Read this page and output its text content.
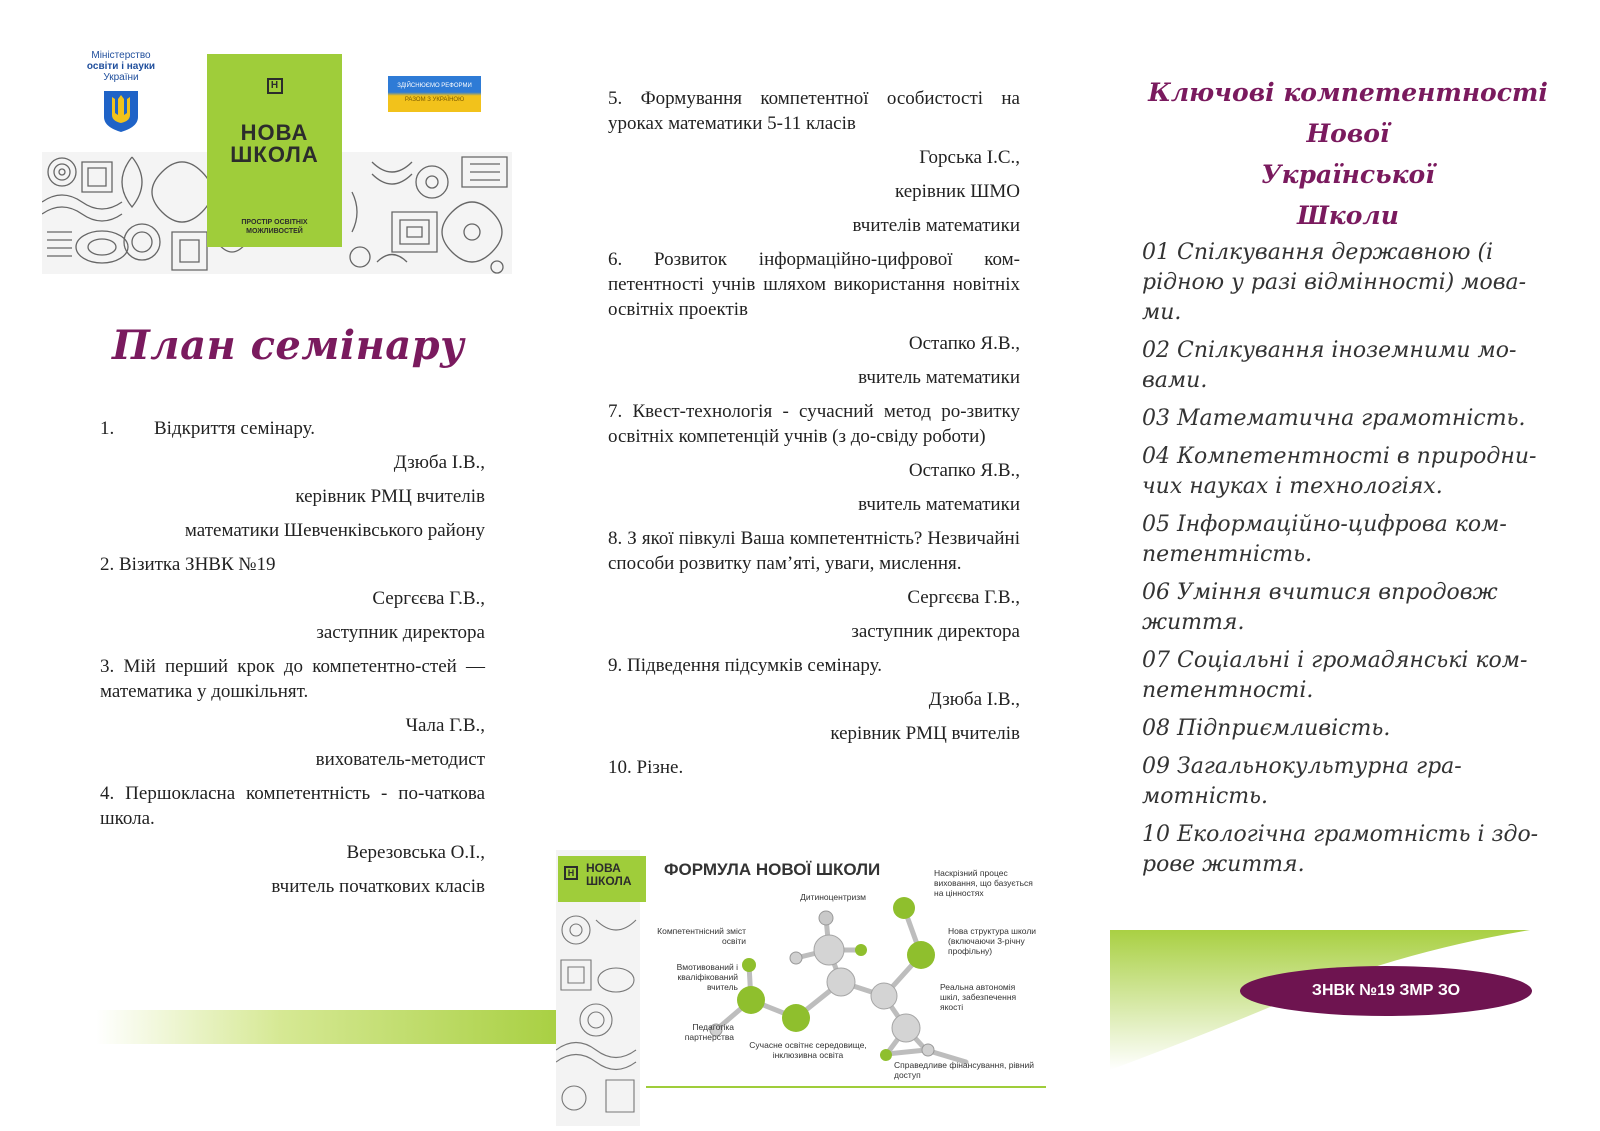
Міністерство
освіти і науки
України
ЗДІЙСНЮЄМО РЕФОРМИ
РАЗОМ З УКРАЇНОЮ
Н
НОВА
ШКОЛА
ПРОСТІР ОСВІТНІХ МОЖЛИВОСТЕЙ
План семінару
1. Відкриття семінару.
Дзюба І.В.,
керівник РМЦ вчителів
математики Шевченківського району
2. Візитка ЗНВК №19
Сергєєва Г.В.,
заступник директора
3. Мій перший крок до компетентно-стей — математика у дошкільнят.
Чала Г.В.,
вихователь-методист
4. Першокласна компетентність - по-чаткова школа.
Верезовська О.І.,
вчитель початкових класів
5. Формування компетентної особистості на уроках математики 5-11 класів
Горська І.С.,
керівник ШМО
вчителів математики
6. Розвиток інформаційно-цифрової ком-петентності учнів шляхом використання новітніх освітніх проектів
Остапко Я.В.,
вчитель математики
7. Квест-технологія - сучасний метод ро-звитку освітніх компетенцій учнів (з до-свіду роботи)
Остапко Я.В.,
вчитель математики
8. З якої півкулі Ваша компетентність? Незвичайні способи розвитку пам’яті, уваги, мислення.
Сергєєва Г.В.,
заступник директора
9. Підведення підсумків семінару.
Дзюба І.В.,
керівник РМЦ вчителів
10. Різне.
Н НОВА
ШКОЛА
ФОРМУЛА НОВОЇ ШКОЛИ
Дитиноцентризм
Наскрізний процес виховання, що базується на цінностях
Компетентнісний зміст освіти
Нова структура школи (включаючи 3-річну профільну)
Вмотивований і кваліфікований вчитель	Реальна автономія шкіл, забезпечення якості
Педагогіка партнерства
Сучасне освітнє середовище, інклюзивна освіта
Справедливе фінансування, рівний доступ
Ключові компетентності
Нової
Української
Школи
01 Спілкування державною (і рідною у разі відмінності) мова-ми.
02 Спілкування іноземними мо-вами.
03 Математична грамотність.
04 Компетентності в природни-чих науках і технологіях.
05 Інформаційно-цифрова ком-петентність.
06 Уміння вчитися впродовж життя.
07 Соціальні і громадянські ком-петентності.
08 Підприємливість.
09 Загальнокультурна гра-мотність.
10 Екологічна грамотність і здо-рове життя.
ЗНВК №19 ЗМР ЗО
